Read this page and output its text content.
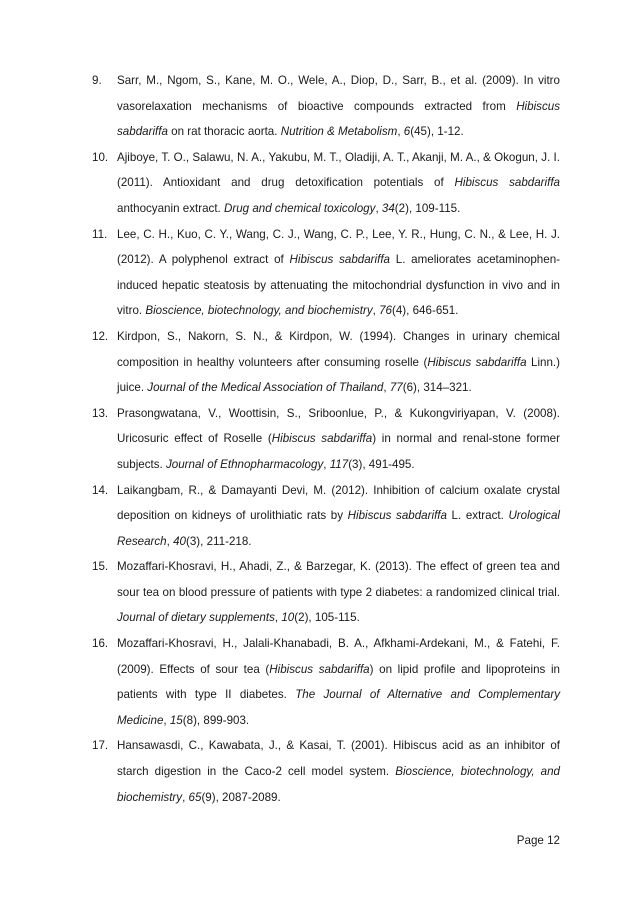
9.	Sarr, M., Ngom, S., Kane, M. O., Wele, A., Diop, D., Sarr, B., et al. (2009). In vitro vasorelaxation mechanisms of bioactive compounds extracted from Hibiscus sabdariffa on rat thoracic aorta. Nutrition & Metabolism, 6(45), 1-12.
10. Ajiboye, T. O., Salawu, N. A., Yakubu, M. T., Oladiji, A. T., Akanji, M. A., & Okogun, J. I. (2011). Antioxidant and drug detoxification potentials of Hibiscus sabdariffa anthocyanin extract. Drug and chemical toxicology, 34(2), 109-115.
11. Lee, C. H., Kuo, C. Y., Wang, C. J., Wang, C. P., Lee, Y. R., Hung, C. N., & Lee, H. J. (2012). A polyphenol extract of Hibiscus sabdariffa L. ameliorates acetaminophen-induced hepatic steatosis by attenuating the mitochondrial dysfunction in vivo and in vitro. Bioscience, biotechnology, and biochemistry, 76(4), 646-651.
12. Kirdpon, S., Nakorn, S. N., & Kirdpon, W. (1994). Changes in urinary chemical composition in healthy volunteers after consuming roselle (Hibiscus sabdariffa Linn.) juice. Journal of the Medical Association of Thailand, 77(6), 314–321.
13. Prasongwatana, V., Woottisin, S., Sriboonlue, P., & Kukongviriyapan, V. (2008). Uricosuric effect of Roselle (Hibiscus sabdariffa) in normal and renal-stone former subjects. Journal of Ethnopharmacology, 117(3), 491-495.
14. Laikangbam, R., & Damayanti Devi, M. (2012). Inhibition of calcium oxalate crystal deposition on kidneys of urolithiatic rats by Hibiscus sabdariffa L. extract. Urological Research, 40(3), 211-218.
15. Mozaffari-Khosravi, H., Ahadi, Z., & Barzegar, K. (2013). The effect of green tea and sour tea on blood pressure of patients with type 2 diabetes: a randomized clinical trial. Journal of dietary supplements, 10(2), 105-115.
16. Mozaffari-Khosravi, H., Jalali-Khanabadi, B. A., Afkhami-Ardekani, M., & Fatehi, F. (2009). Effects of sour tea (Hibiscus sabdariffa) on lipid profile and lipoproteins in patients with type II diabetes. The Journal of Alternative and Complementary Medicine, 15(8), 899-903.
17. Hansawasdi, C., Kawabata, J., & Kasai, T. (2001). Hibiscus acid as an inhibitor of starch digestion in the Caco-2 cell model system. Bioscience, biotechnology, and biochemistry, 65(9), 2087-2089.
Page 12
